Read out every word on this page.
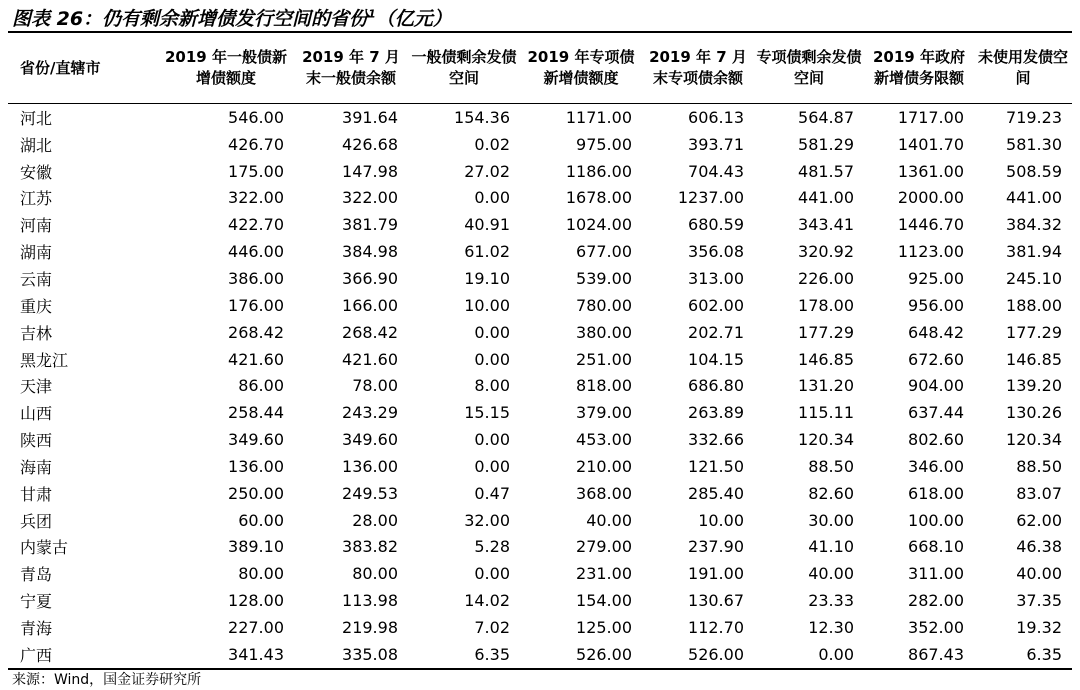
图表 26：仍有剩余新增债发行空间的省份$^1$（亿元）
省份/直辖市	2019 年一般债新增债额度	2019 年 7 月末一般债余额	一般债剩余发债空间	2019 年专项债新增债额度	2019 年 7 月末专项债余额	专项债剩余发债空间	2019 年政府新增债务限额	未使用发债空间
河北	546.00	391.64	154.36	1171.00	606.13	564.87	1717.00	719.23
湖北	426.70	426.68	0.02	975.00	393.71	581.29	1401.70	581.30
安徽	175.00	147.98	27.02	1186.00	704.43	481.57	1361.00	508.59
江苏	322.00	322.00	0.00	1678.00	1237.00	441.00	2000.00	441.00
河南	422.70	381.79	40.91	1024.00	680.59	343.41	1446.70	384.32
湖南	446.00	384.98	61.02	677.00	356.08	320.92	1123.00	381.94
云南	386.00	366.90	19.10	539.00	313.00	226.00	925.00	245.10
重庆	176.00	166.00	10.00	780.00	602.00	178.00	956.00	188.00
吉林	268.42	268.42	0.00	380.00	202.71	177.29	648.42	177.29
黑龙江	421.60	421.60	0.00	251.00	104.15	146.85	672.60	146.85
天津	86.00	78.00	8.00	818.00	686.80	131.20	904.00	139.20
山西	258.44	243.29	15.15	379.00	263.89	115.11	637.44	130.26
陕西	349.60	349.60	0.00	453.00	332.66	120.34	802.60	120.34
海南	136.00	136.00	0.00	210.00	121.50	88.50	346.00	88.50
甘肃	250.00	249.53	0.47	368.00	285.40	82.60	618.00	83.07
兵团	60.00	28.00	32.00	40.00	10.00	30.00	100.00	62.00
内蒙古	389.10	383.82	5.28	279.00	237.90	41.10	668.10	46.38
青岛	80.00	80.00	0.00	231.00	191.00	40.00	311.00	40.00
宁夏	128.00	113.98	14.02	154.00	130.67	23.33	282.00	37.35
青海	227.00	219.98	7.02	125.00	112.70	12.30	352.00	19.32
广西	341.43	335.08	6.35	526.00	526.00	0.00	867.43	6.35
来源：Wind，国金证券研究所
